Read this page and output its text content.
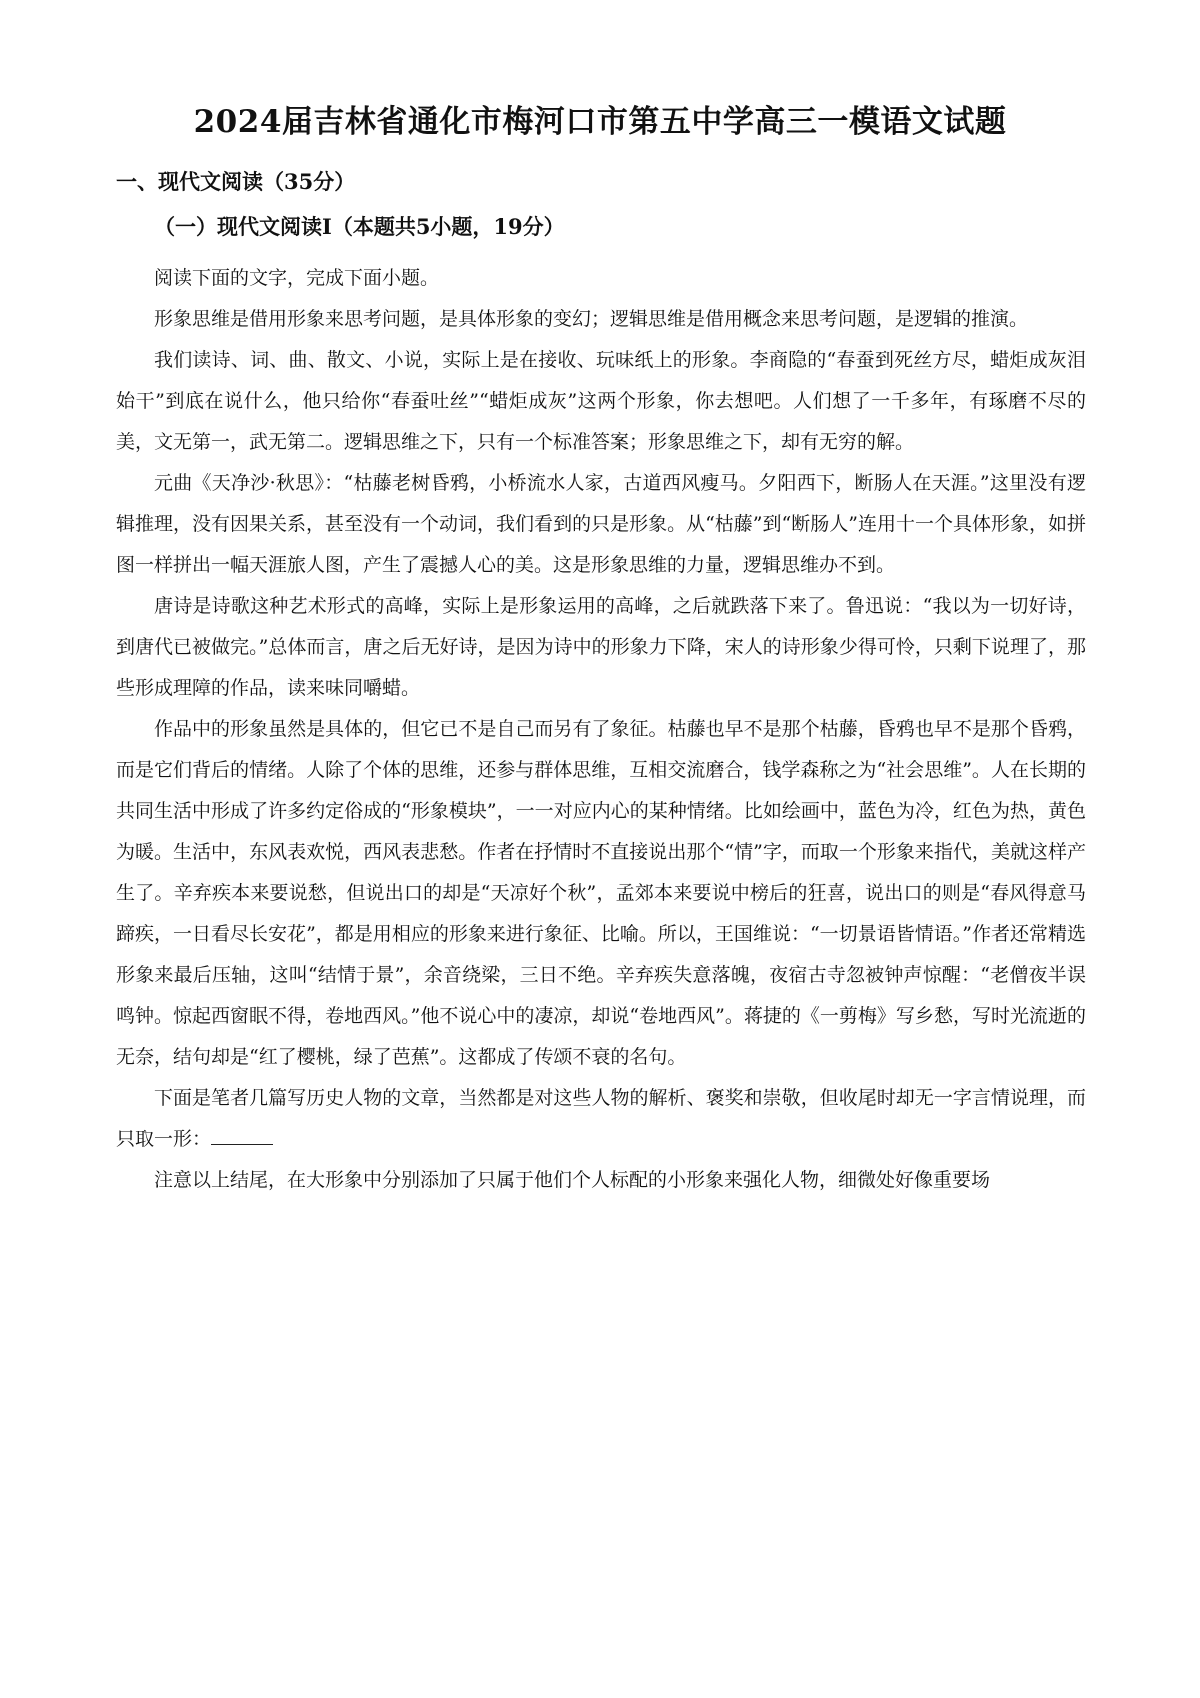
2024届吉林省通化市梅河口市第五中学高三一模语文试题
一、现代文阅读（35分）
（一）现代文阅读Ⅰ（本题共5小题，19分）

阅读下面的文字，完成下面小题。

形象思维是借用形象来思考问题，是具体形象的变幻；逻辑思维是借用概念来思考问题，是逻辑的推演。

我们读诗、词、曲、散文、小说，实际上是在接收、玩味纸上的形象。李商隐的“春蚕到死丝方尽，蜡炬成灰泪始干”到底在说什么，他只给你“春蚕吐丝”“蜡炬成灰”这两个形象，你去想吧。人们想了一千多年，有琢磨不尽的美，文无第一，武无第二。逻辑思维之下，只有一个标准答案；形象思维之下，却有无穷的解。

元曲《天净沙·秋思》：“枯藤老树昏鸦，小桥流水人家，古道西风瘦马。夕阳西下，断肠人在天涯。”这里没有逻辑推理，没有因果关系，甚至没有一个动词，我们看到的只是形象。从“枯藤”到“断肠人”连用十一个具体形象，如拼图一样拼出一幅天涯旅人图，产生了震撼人心的美。这是形象思维的力量，逻辑思维办不到。

唐诗是诗歌这种艺术形式的高峰，实际上是形象运用的高峰，之后就跌落下来了。鲁迅说：“我以为一切好诗，到唐代已被做完。”总体而言，唐之后无好诗，是因为诗中的形象力下降，宋人的诗形象少得可怜，只剩下说理了，那些形成理障的作品，读来味同嚼蜡。

作品中的形象虽然是具体的，但它已不是自己而另有了象征。枯藤也早不是那个枯藤，昏鸦也早不是那个昏鸦，而是它们背后的情绪。人除了个体的思维，还参与群体思维，互相交流磨合，钱学森称之为“社会思维”。人在长期的共同生活中形成了许多约定俗成的“形象模块”，一一对应内心的某种情绪。比如绘画中，蓝色为冷，红色为热，黄色为暖。生活中，东风表欢悦，西风表悲愁。作者在抒情时不直接说出那个“情”字，而取一个形象来指代，美就这样产生了。辛弃疾本来要说愁，但说出口的却是“天凉好个秋”，孟郊本来要说中榜后的狂喜，说出口的则是“春风得意马蹄疾，一日看尽长安花”，都是用相应的形象来进行象征、比喻。所以，王国维说：“一切景语皆情语。”作者还常精选形象来最后压轴，这叫“结情于景”，余音绕梁，三日不绝。辛弃疾失意落魄，夜宿古寺忽被钟声惊醒：“老僧夜半误鸣钟。惊起西窗眠不得，卷地西风。”他不说心中的凄凉，却说“卷地西风”。蒋捷的《一剪梅》写乡愁，写时光流逝的无奈，结句却是“红了樱桃，绿了芭蕉”。这都成了传颂不衰的名句。

下面是笔者几篇写历史人物的文章，当然都是对这些人物的解析、褒奖和崇敬，但收尾时却无一字言情说理，而只取一形：

注意以上结尾，在大形象中分别添加了只属于他们个人标配的小形象来强化人物，细微处好像重要场
